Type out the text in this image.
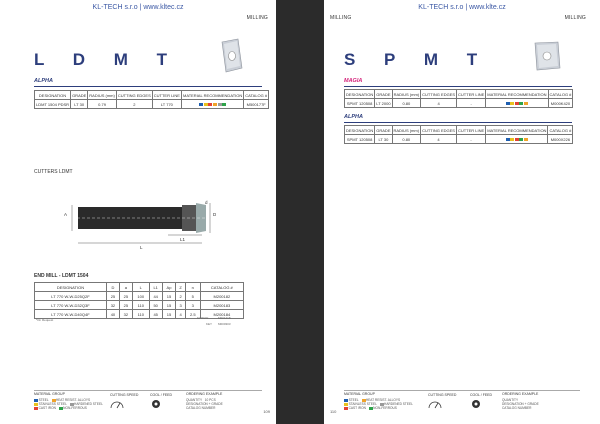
KL-TECH s.r.o | www.kltec.cz
MILLING
L D M T
ALPHA
DESIGNATION	GRADE	RADIUS (mm)	CUTTING EDGES	CUTTER LINE	MATERIAL RECOMMENDATION	CATALOG #
LDMT 1504 PDSR	LT 30	0.79	2	LT 770		M500177F
CUTTERS LDMT
A	D
L1
L
d
END MILL - LDMT 1504
DESIGNATION	D	a	L	L1	Ap	Z	n	CATALOG #
LT 770 W-W-D25Q2F	25	25	100	44	15	2	5	M200182
LT 770 W-W-D32Q3F	32	25	110	50	15	3	3	M200183
LT 770 W-W-D40Q4F	40	32	110	45	15	4	2.5	M200184
*On Request	SCREW	M001218
KEY M000303
MATERIAL GROUP
STEEL HEAT RESIST. ALLOYS
STAINLESS STEEL HARDENED STEEL
CAST IRON NON-FERROUS
CUTTING SPEED	COOL / FEED	ORDERING EXAMPLE
QUANTITY 10 PCS
DESIGNATION + GRADE
CATALOG NUMBER
109
KL-TECH s.r.o | www.klte.cz
MILLING	MILLING
S P M T
MAGIA
DESIGNATION	GRADE	RADIUS (mm)	CUTTING EDGES	CUTTER LINE	MATERIAL RECOMMENDATION	CATALOG #
SPMT 120508	LT 2000	0.80	4	-		M000K420
ALPHA
DESIGNATION	GRADE	RADIUS (mm)	CUTTING EDGES	CUTTER LINE	MATERIAL RECOMMENDATION	CATALOG #
SPMT 120508	LT 30	0.80	4	-		M000X226
MATERIAL GROUP
STEEL HEAT RESIST. ALLOYS
STAINLESS STEEL HARDENED STEEL
CAST IRON NON-FERROUS
CUTTING SPEED	COOL / FEED	ORDERING EXAMPLE
QUANTITY
DESIGNATION + GRADE
CATALOG NUMBER
110
